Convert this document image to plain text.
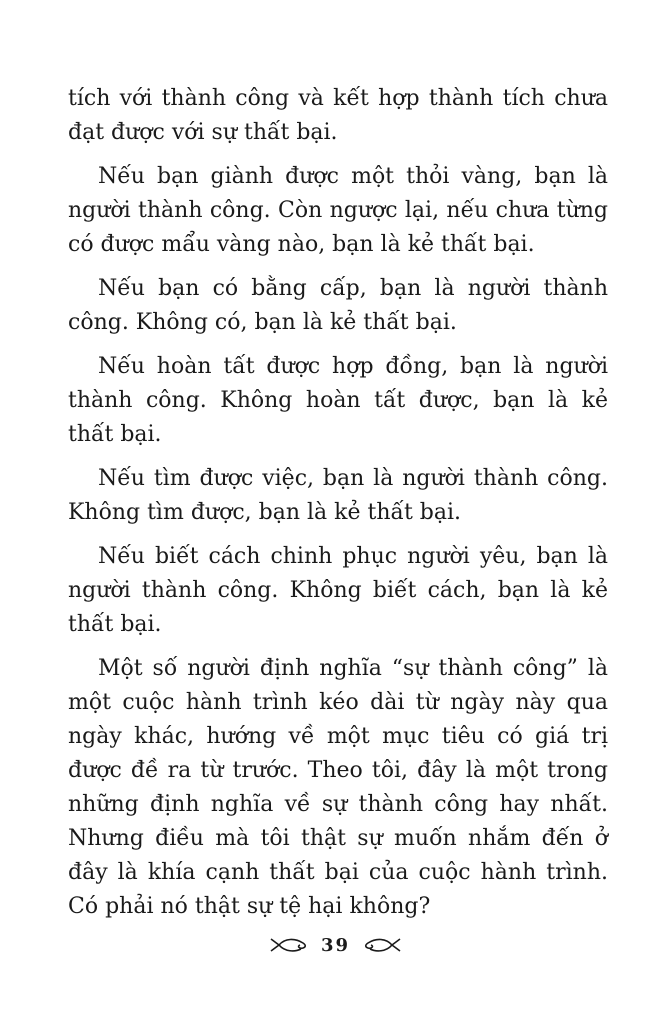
tích với thành công và kết hợp thành tích chưa đạt được với sự thất bại.

Nếu bạn giành được một thỏi vàng, bạn là người thành công. Còn ngược lại, nếu chưa từng có được mẩu vàng nào, bạn là kẻ thất bại.

Nếu bạn có bằng cấp, bạn là người thành công. Không có, bạn là kẻ thất bại.

Nếu hoàn tất được hợp đồng, bạn là người thành công. Không hoàn tất được, bạn là kẻ thất bại.

Nếu tìm được việc, bạn là người thành công. Không tìm được, bạn là kẻ thất bại.

Nếu biết cách chinh phục người yêu, bạn là người thành công. Không biết cách, bạn là kẻ thất bại.

Một số người định nghĩa “sự thành công” là một cuộc hành trình kéo dài từ ngày này qua ngày khác, hướng về một mục tiêu có giá trị được đề ra từ trước. Theo tôi, đây là một trong những định nghĩa về sự thành công hay nhất. Nhưng điều mà tôi thật sự muốn nhắm đến ở đây là khía cạnh thất bại của cuộc hành trình. Có phải nó thật sự tệ hại không?

39
